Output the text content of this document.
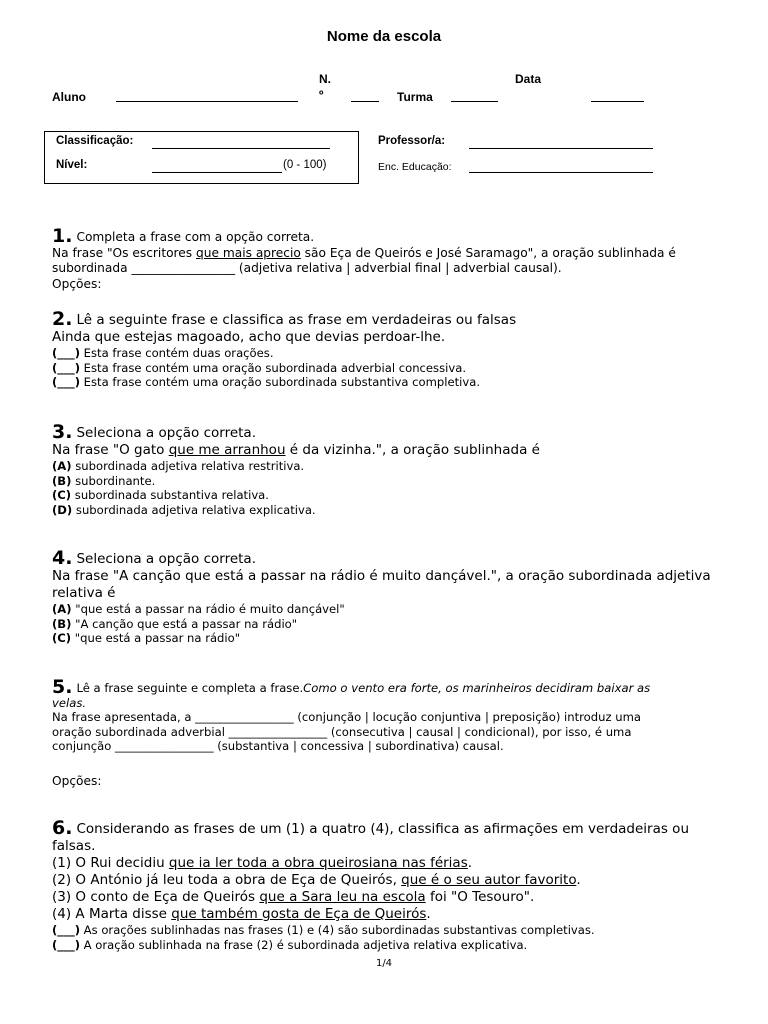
Nome da escola
Aluno
N.
º	Turma
Data
Classificação:
Nível:	(0 - 100)
Professor/a:
Enc. Educação:
1. Completa a frase com a opção correta.
Na frase "Os escritores que mais aprecio são Eça de Queirós e José Saramago", a oração sublinhada é
subordinada _________________ (adjetiva relativa | adverbial final | adverbial causal).
Opções:
2. Lê a seguinte frase e classifica as frase em verdadeiras ou falsas
Ainda que estejas magoado, acho que devias perdoar-lhe.
(___) Esta frase contém duas orações.
(___) Esta frase contém uma oração subordinada adverbial concessiva.
(___) Esta frase contém uma oração subordinada substantiva completiva.
3. Seleciona a opção correta.
Na frase "O gato que me arranhou é da vizinha.", a oração sublinhada é
(A) subordinada adjetiva relativa restritiva.
(B) subordinante.
(C) subordinada substantiva relativa.
(D) subordinada adjetiva relativa explicativa.
4. Seleciona a opção correta.
Na frase "A canção que está a passar na rádio é muito dançável.", a oração subordinada adjetiva
relativa é
(A) "que está a passar na rádio é muito dançável"
(B) "A canção que está a passar na rádio"
(C) "que está a passar na rádio"
5. Lê a frase seguinte e completa a frase.Como o vento era forte, os marinheiros decidiram baixar as
velas.
Na frase apresentada, a _________________ (conjunção | locução conjuntiva | preposição) introduz uma
oração subordinada adverbial _________________ (consecutiva | causal | condicional), por isso, é uma
conjunção _________________ (substantiva | concessiva | subordinativa) causal.
Opções:
6. Considerando as frases de um (1) a quatro (4), classifica as afirmações em verdadeiras ou
falsas.
(1) O Rui decidiu que ia ler toda a obra queirosiana nas férias.
(2) O António já leu toda a obra de Eça de Queirós, que é o seu autor favorito.
(3) O conto de Eça de Queirós que a Sara leu na escola foi "O Tesouro".
(4) A Marta disse que também gosta de Eça de Queirós.
(___) As orações sublinhadas nas frases (1) e (4) são subordinadas substantivas completivas.
(___) A oração sublinhada na frase (2) é subordinada adjetiva relativa explicativa.
1/4
